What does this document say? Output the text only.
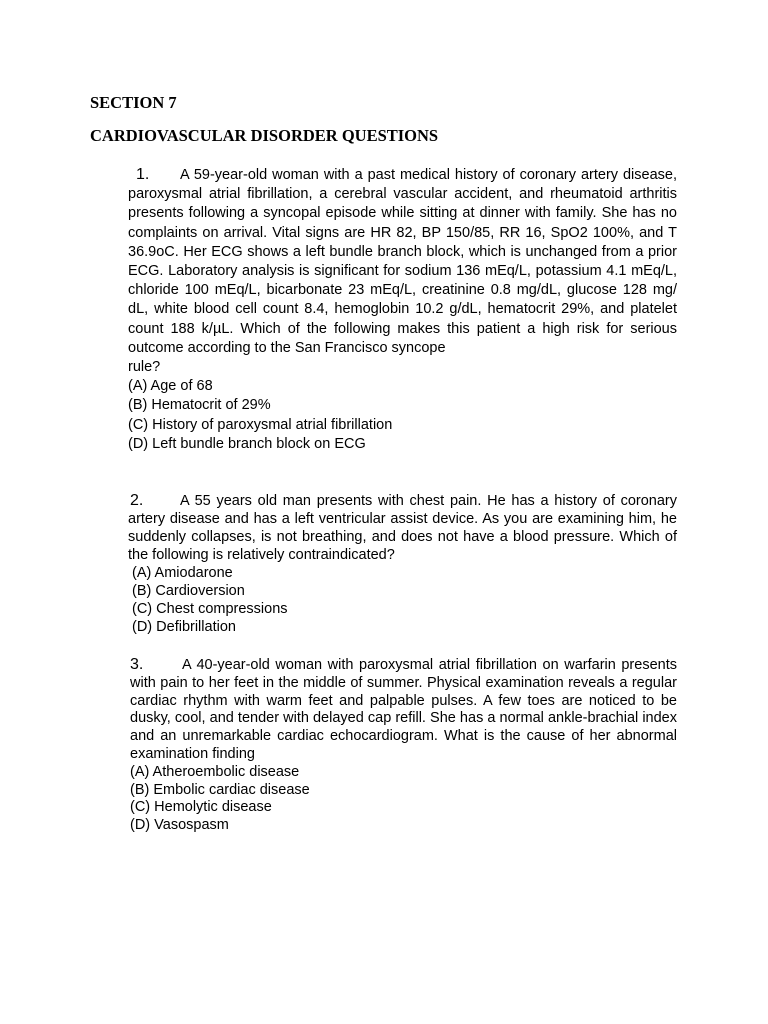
SECTION 7
CARDIOVASCULAR DISORDER QUESTIONS

1. A 59-year-old woman with a past medical history of coronary artery disease, paroxysmal atrial fibrillation, a cerebral vascular accident, and rheumatoid arthritis presents following a syncopal episode while sitting at dinner with family. She has no complaints on arrival. Vital signs are HR 82, BP 150/85, RR 16, SpO2 100%, and T 36.9oC. Her ECG shows a left bundle branch block, which is unchanged from a prior ECG. Laboratory analysis is significant for sodium 136 mEq/L, potassium 4.1 mEq/L, chloride 100 mEq/L, bicarbonate 23 mEq/L, creatinine 0.8 mg/dL, glucose 128 mg/ dL, white blood cell count 8.4, hemoglobin 10.2 g/dL, hematocrit 29%, and platelet count 188 k/µL. Which of the following makes this patient a high risk for serious outcome according to the San Francisco syncope
rule?

(A) Age of 68
(B) Hematocrit of 29%
(C) History of paroxysmal atrial fibrillation
(D) Left bundle branch block on ECG

2.	A 55 years old man presents with chest pain. He has a history of coronary artery disease and has a left ventricular assist device. As you are examining him, he suddenly collapses, is not breathing, and does not have a blood pressure. Which of the following is relatively contraindicated?

(A) Amiodarone
(B) Cardioversion
(C) Chest compressions
(D) Defibrillation

3.	A 40-year-old woman with paroxysmal atrial fibrillation on warfarin presents with pain to her feet in the middle of summer. Physical examination reveals a regular cardiac rhythm with warm feet and palpable pulses. A few toes are noticed to be dusky, cool, and tender with delayed cap refill. She has a normal ankle-brachial index and an unremarkable cardiac echocardiogram. What is the cause of her abnormal examination finding

(A) Atheroembolic disease
(B) Embolic cardiac disease
(C) Hemolytic disease
(D) Vasospasm
